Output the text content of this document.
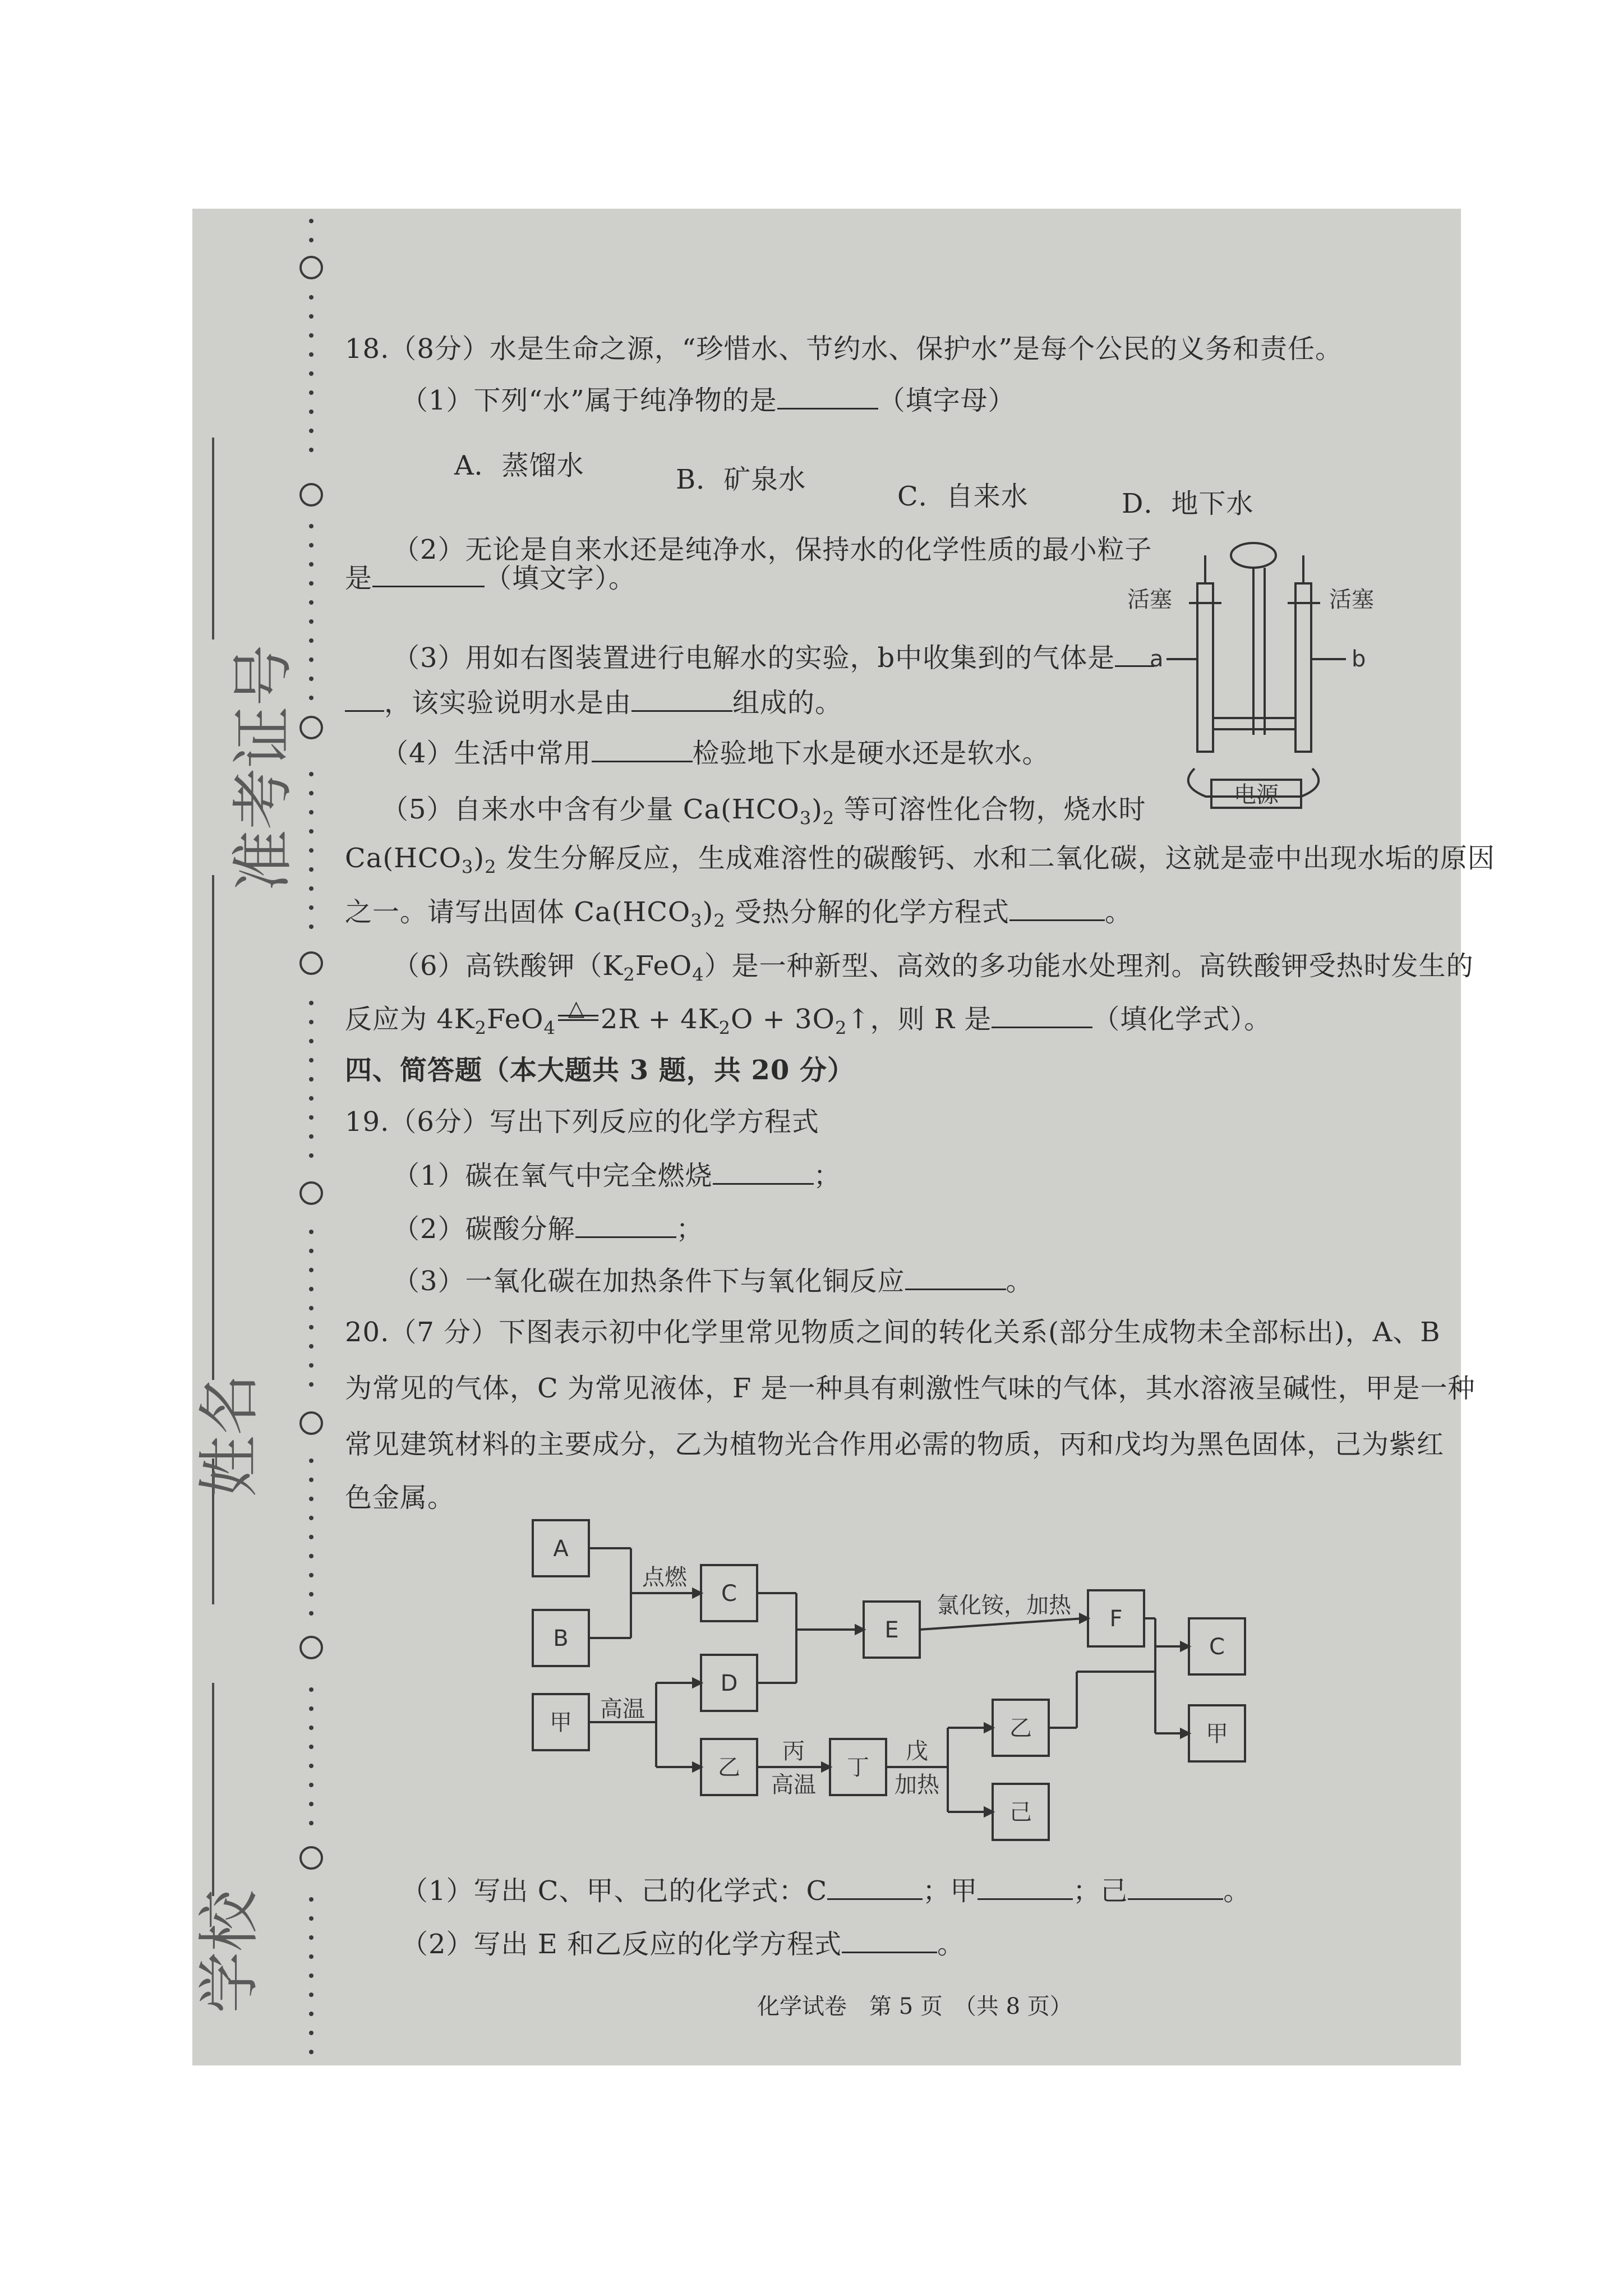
准考证号
姓名
学校
18.（8分）水是生命之源，“珍惜水、节约水、保护水”是每个公民的义务和责任。
（1）下列“水”属于纯净物的是	（填字母）
A．蒸馏水	B．矿泉水
C．自来水	D．地下水
（2）无论是自来水还是纯净水，保持水的化学性质的最小粒子
是	（填文字）。
（3）用如右图装置进行电解水的实验，b中收集到的气体是
，该实验说明水是由	组成的。
（4）生活中常用	检验地下水是硬水还是软水。
（5）自来水中含有少量 $Ca(HCO_3)_2$ 等可溶性化合物，烧水时
$Ca(HCO_3)_2$ 发生分解反应，生成难溶性的碳酸钙、水和二氧化碳，这就是壶中出现水垢的原因
之一。请写出固体 $Ca(HCO_3)_2$ 受热分解的化学方程式	。
（6）高铁酸钾$(K_2FeO_4)$是一种新型、高效的多功能水处理剂。高铁酸钾受热时发生的
反应为 $4K_2FeO_4$
△ $2R + 4K_2O$ + $3O_2↑$，则 R 是	（填化学式）。
活塞	活塞
a	b
电源
四、简答题（本大题共 3 题，共 20 分）
19.（6分）写出下列反应的化学方程式
（1）碳在氧气中完全燃烧	；
（2）碳酸分解	；
（3）一氧化碳在加热条件下与氧化铜反应	。
20.（7 分）下图表示初中化学里常见物质之间的转化关系(部分生成物未全部标出)，A、B
为常见的气体，C 为常见液体，F 是一种具有刺激性气味的气体，其水溶液呈碱性，甲是一种
常见建筑材料的主要成分，乙为植物光合作用必需的物质，丙和戊均为黑色固体，己为紫红
色金属。
A
B
C
E	F
C
甲
D
乙	丁
乙
己
甲
点燃
氯化铵，加热
高温
丙
高温
戊
加热
（1）写出 C、甲、己的化学式：C	；甲	；己	。
（2）写出 E 和乙反应的化学方程式	。
化学试卷　第 5 页　（共 8 页）
